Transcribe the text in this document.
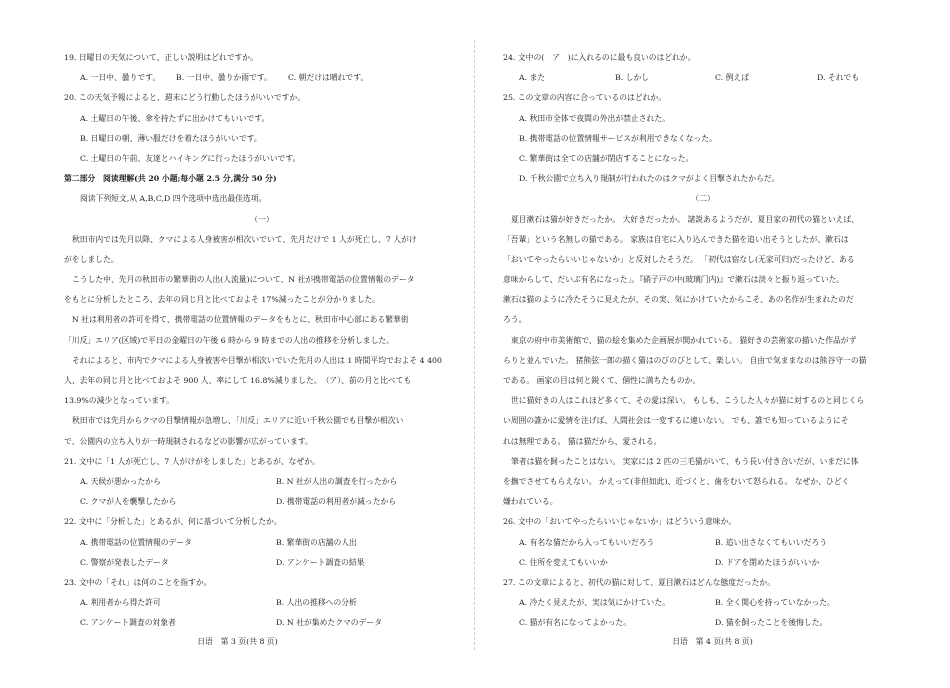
19. 日曜日の天気について、正しい説明はどれですか。
A. 一日中、曇りです。	B. 一日中、曇りか雨です。	C. 朝だけは晴れです。
20. この天気予報によると、週末にどう行動したほうがいいですか。
A. 土曜日の午後、傘を持たずに出かけてもいいです。
B. 日曜日の朝、薄い服だけを着たほうがいいです。
C. 土曜日の午前、友達とハイキングに行ったほうがいいです。
第二部分　阅读理解(共 20 小题;每小题 2.5 分,满分 50 分)
阅读下列短文,从 A,B,C,D 四个选项中选出最佳选项。
（一）
秋田市内では先月以降、クマによる人身被害が相次いでいて、先月だけで 1 人が死亡し、7 人がけ
がをしました。
こうした中、先月の秋田市の繁華街の人出(人流量)について、N 社が携帯電話の位置情報のデータ
をもとに分析したところ、去年の同じ月と比べておよそ 17%減ったことが分かりました。
N 社は利用者の許可を得て、携帯電話の位置情報のデータをもとに、秋田市中心部にある繁華街
「川反」エリア(区域)で平日の金曜日の午後 6 時から 9 時までの人出の推移を分析しました。
それによると、市内でクマによる人身被害や目撃が相次いでいた先月の人出は 1 時間平均でおよそ 4 400
人、去年の同じ月と比べておよそ 900 人、率にして 16.8%減りました。　（ア）、前の月と比べても
13.9%の減少となっています。
秋田市では先月からクマの目撃情報が急増し、「川反」エリアに近い千秋公園でも目撃が相次い
で、公園内の立ち入りが一時規制されるなどの影響が広がっています。
21. 文中に「1 人が死亡し、7 人がけがをしました」とあるが、なぜか。
A. 天候が悪かったから	B. N 社が人出の調査を行ったから
C. クマが人を襲撃したから	D. 携帯電話の利用者が減ったから
22. 文中に「分析した」とあるが、何に基づいて分析したか。
A. 携帯電話の位置情報のデータ	B. 繁華街の店舗の人出
C. 警察が発表したデータ	D. アンケート調査の結果
23. 文中の「それ」は何のことを指すか。
A. 利用者から得た許可	B. 人出の推移への分析
C. アンケート調査の対象者	D. N 社が集めたクマのデータ
日语　第 3 页(共 8 页)
24. 文中の(　ア　)に入れるのに最も良いのはどれか。
A. また	B. しかし	C. 例えば	D. それでも
25. この文章の内容に合っているのはどれか。
A. 秋田市全体で夜間の外出が禁止された。
B. 携帯電話の位置情報サービスが利用できなくなった。
C. 繁華街は全ての店舗が閉店することになった。
D. 千秋公園で立ち入り規制が行われたのはクマがよく目撃されたからだ。
（二）
夏目漱石は猫が好きだったか。 大好きだったか。 諸説あるようだが、夏目家の初代の猫といえば、
「吾輩」という名無しの猫である。 家族は自宅に入り込んできた猫を追い出そうとしたが、漱石は
「おいてやったらいいじゃないか」と反対したそうだ。 「初代は宿なし(无家可归)だったけど、ある
意味からして、だいぶ有名になった」。『硝子戸の中(玻璃门内)』で漱石は淡々と振り返っていた。
漱石は猫のように冷たそうに見えたが、その実、気にかけていたからこそ、あの名作が生まれたのだ
ろう。
東京の府中市美術館で、猫の絵を集めた企画展が開かれている。 猫好きの芸術家の描いた作品がず
らりと並んでいた。 猪熊弦一郎の描く猫はのびのびとして、楽しい。 自由で気ままなのは熊谷守一の猫
である。 画家の目は何と鋭くて、個性に満ちたものか。
世に猫好きの人はこれほど多くて、その愛は深い。 もしも、こうした人々が猫に対するのと同じくら
い周囲の誰かに愛情を注げば、人間社会は一変するに違いない。 でも、誰でも知っているようにそ
れは無理である。 猫は猫だから、愛される。
筆者は猫を飼ったことはない。 実家には 2 匹の三毛猫がいて、もう長い付き合いだが、いまだに体
を撫でさせてもらえない。 かえって(非但如此)、近づくと、歯をむいて怒られる。 なぜか、ひどく
嫌われている。
26. 文中の「おいてやったらいいじゃないか」はどういう意味か。
A. 有名な猫だから入ってもいいだろう	B. 追い出さなくてもいいだろう
C. 住所を変えてもいいか	D. ドアを閉めたほうがいいか
27. この文章によると、初代の猫に対して、夏目漱石はどんな態度だったか。
A. 冷たく見えたが、実は気にかけていた。	B. 全く関心を持っていなかった。
C. 猫が有名になってよかった。	D. 猫を飼ったことを後悔した。
日语　第 4 页(共 8 页)
